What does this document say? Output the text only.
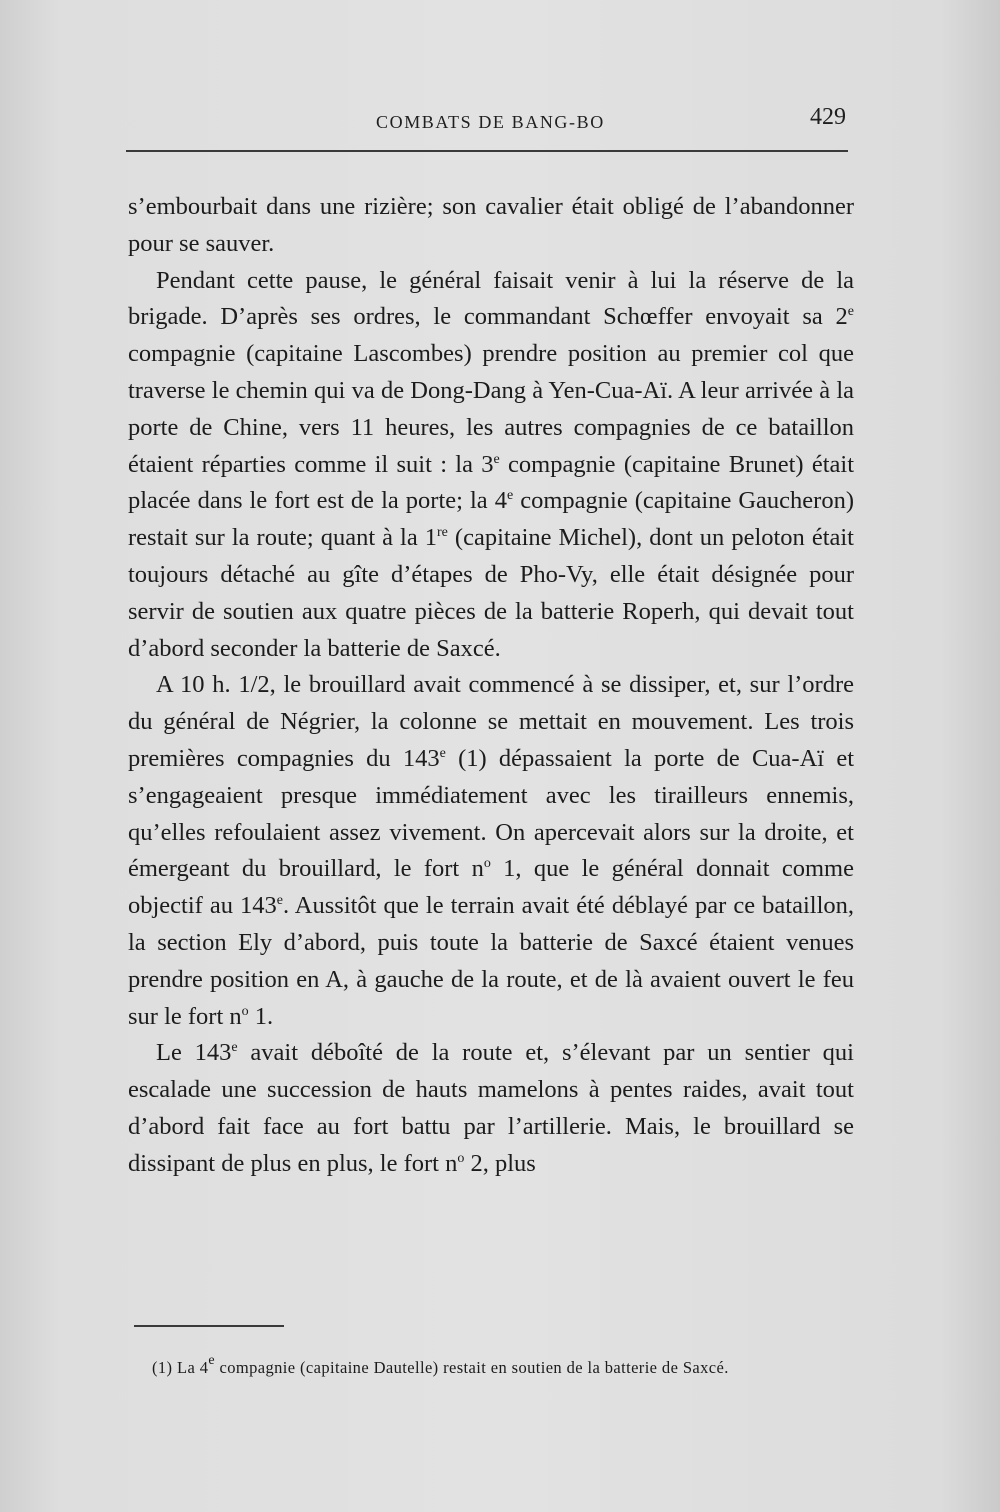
COMBATS DE BANG-BO	429

s’embourbait dans une rizière; son cavalier était obligé de l’abandonner pour se sauver.

Pendant cette pause, le général faisait venir à lui la réserve de la brigade. D’après ses ordres, le commandant Schœffer envoyait sa 2e compagnie (capitaine Lascombes) prendre position au premier col que traverse le chemin qui va de Dong-Dang à Yen-Cua-Aï. A leur arrivée à la porte de Chine, vers 11 heures, les autres compagnies de ce bataillon étaient réparties comme il suit : la 3e compagnie (capitaine Brunet) était placée dans le fort est de la porte; la 4e compagnie (capitaine Gaucheron) restait sur la route; quant à la 1re (capitaine Michel), dont un peloton était toujours détaché au gîte d’étapes de Pho-Vy, elle était désignée pour servir de soutien aux quatre pièces de la batterie Roperh, qui devait tout d’abord seconder la batterie de Saxcé.

A 10 h. 1/2, le brouillard avait commencé à se dissiper, et, sur l’ordre du général de Négrier, la colonne se mettait en mouvement. Les trois premières compagnies du 143e (1) dépassaient la porte de Cua-Aï et s’engageaient presque immédiatement avec les tirailleurs ennemis, qu’elles refoulaient assez vivement. On apercevait alors sur la droite, et émergeant du brouillard, le fort $n^o$ 1, que le général donnait comme objectif au 143e. Aussitôt que le terrain avait été déblayé par ce bataillon, la section Ely d’abord, puis toute la batterie de Saxcé étaient venues prendre position en A, à gauche de la route, et de là avaient ouvert le feu sur le fort $n^o$ 1.

Le 143e avait déboîté de la route et, s’élevant par un sentier qui escalade une succession de hauts mamelons à pentes raides, avait tout d’abord fait face au fort battu par l’artillerie. Mais, le brouillard se dissipant de plus en plus, le fort $n^o$ 2, plus

(1) La 4e compagnie (capitaine Dautelle) restait en soutien de la batterie de Saxcé.
